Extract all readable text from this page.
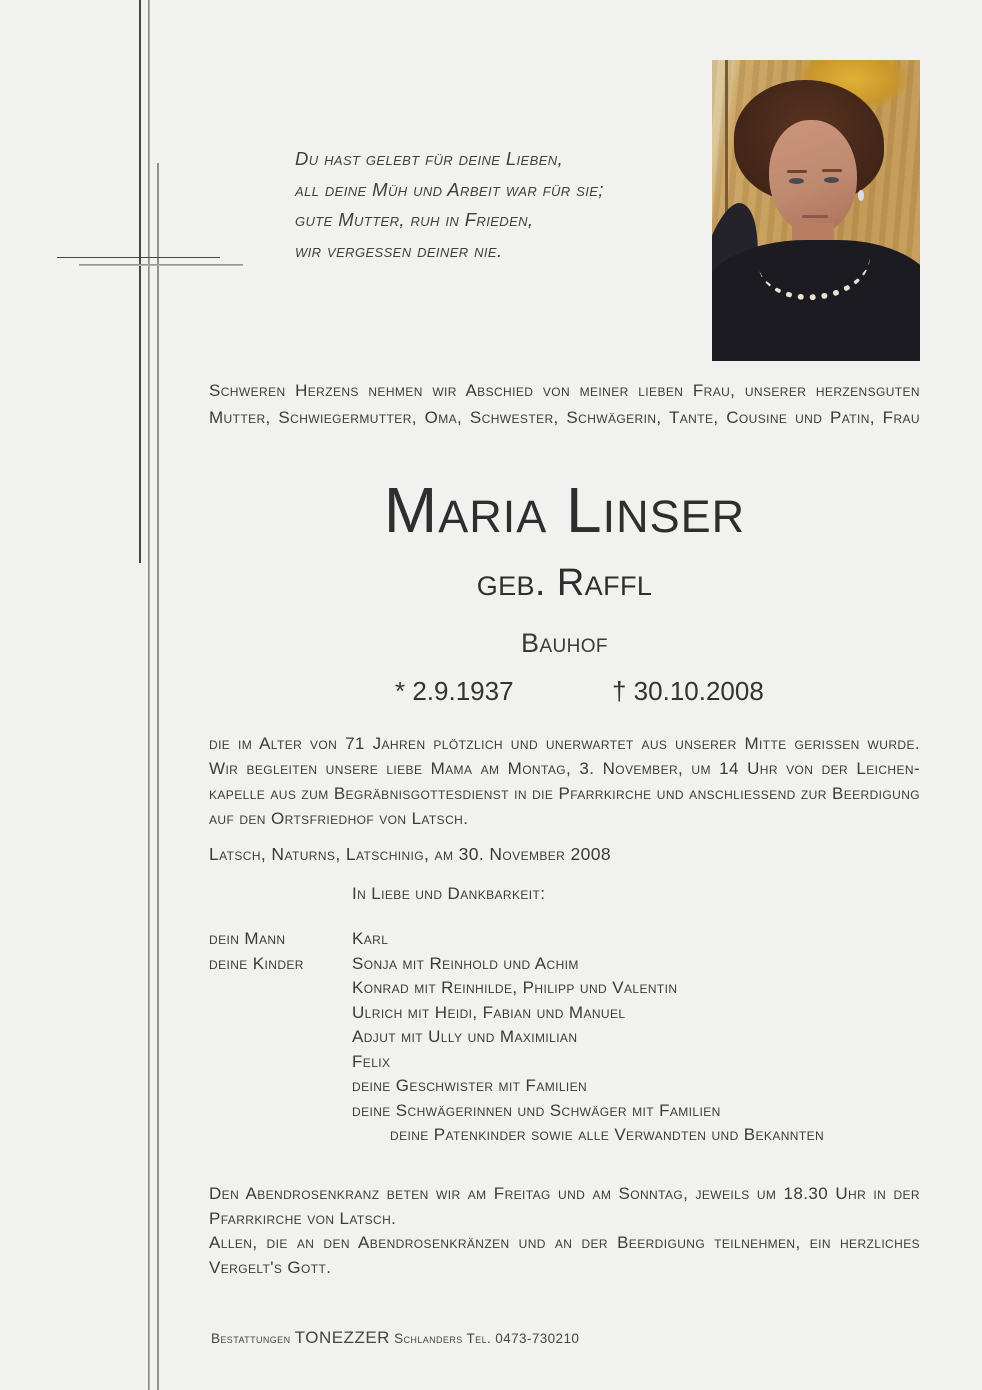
Du hast gelebt für deine Lieben,
all deine Müh und Arbeit war für sie;
gute Mutter, ruh in Frieden,
wir vergessen deiner nie.
Schweren Herzens nehmen wir Abschied von meiner lieben Frau, unserer herzensguten
Mutter, Schwiegermutter, Oma, Schwester, Schwägerin, Tante, Cousine und Patin, Frau
Maria Linser
geb. Raffl
Bauhof
* 2.9.1937	† 30.10.2008
die im Alter von 71 Jahren plötzlich und unerwartet aus unserer Mitte gerissen wurde.
Wir begleiten unsere liebe Mama am Montag, 3. November, um 14 Uhr von der Leichen-
kapelle aus zum Begräbnisgottesdienst in die Pfarrkirche und anschliessend zur Beerdigung
auf den Ortsfriedhof von Latsch.
Latsch, Naturns, Latschinig, am 30. November 2008
In Liebe und Dankbarkeit:
dein Mann	Karl
deine Kinder	Sonja mit Reinhold und Achim
Konrad mit Reinhilde, Philipp und Valentin
Ulrich mit Heidi, Fabian und Manuel
Adjut mit Ully und Maximilian
Felix
deine Geschwister mit Familien
deine Schwägerinnen und Schwäger mit Familien
deine Patenkinder sowie alle Verwandten und Bekannten
Den Abendrosenkranz beten wir am Freitag und am Sonntag, jeweils um 18.30 Uhr in der
Pfarrkirche von Latsch.
Allen, die an den Abendrosenkränzen und an der Beerdigung teilnehmen, ein herzliches
Vergelt's Gott.
Bestattungen TONEZZER Schlanders Tel. 0473-730210
